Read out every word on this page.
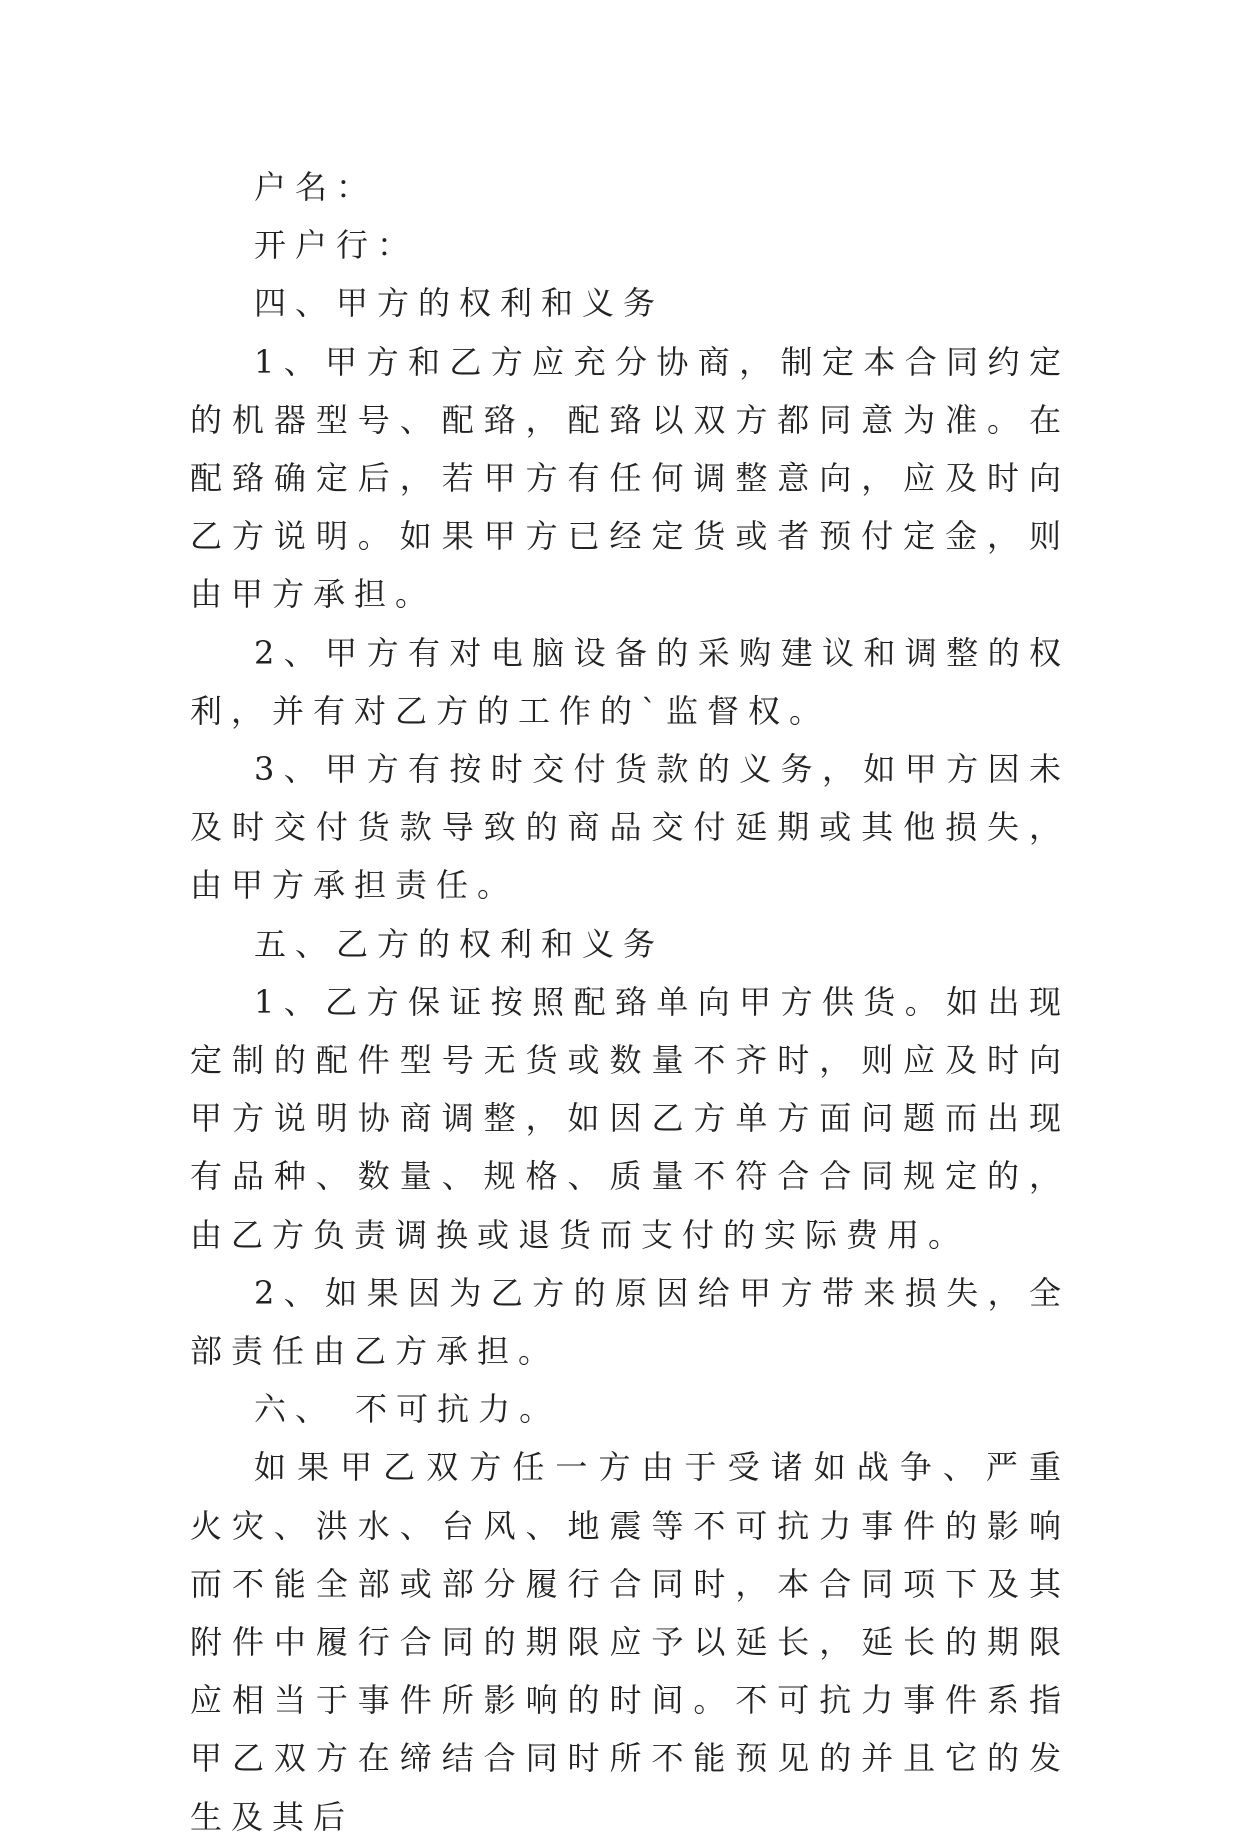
户名：

开户行：

四、甲方的权利和义务

1、甲方和乙方应充分协商，制定本合同约定的机器型号、配臵，配臵以双方都同意为准。在配臵确定后，若甲方有任何调整意向，应及时向乙方说明。如果甲方已经定货或者预付定金，则由甲方承担。

2、甲方有对电脑设备的采购建议和调整的权利，并有对乙方的工作的`监督权。

3、甲方有按时交付货款的义务，如甲方因未及时交付货款导致的商品交付延期或其他损失，由甲方承担责任。

五、乙方的权利和义务

1、乙方保证按照配臵单向甲方供货。如出现定制的配件型号无货或数量不齐时，则应及时向甲方说明协商调整，如因乙方单方面问题而出现有品种、数量、规格、质量不符合合同规定的，由乙方负责调换或退货而支付的实际费用。

2、如果因为乙方的原因给甲方带来损失，全部责任由乙方承担。

六、 不可抗力。

如果甲乙双方任一方由于受诸如战争、严重火灾、洪水、台风、地震等不可抗力事件的影响而不能全部或部分履行合同时，本合同项下及其附件中履行合同的期限应予以延长，延长的期限应相当于事件所影响的时间。不可抗力事件系指甲乙双方在缔结合同时所不能预见的并且它的发生及其后
